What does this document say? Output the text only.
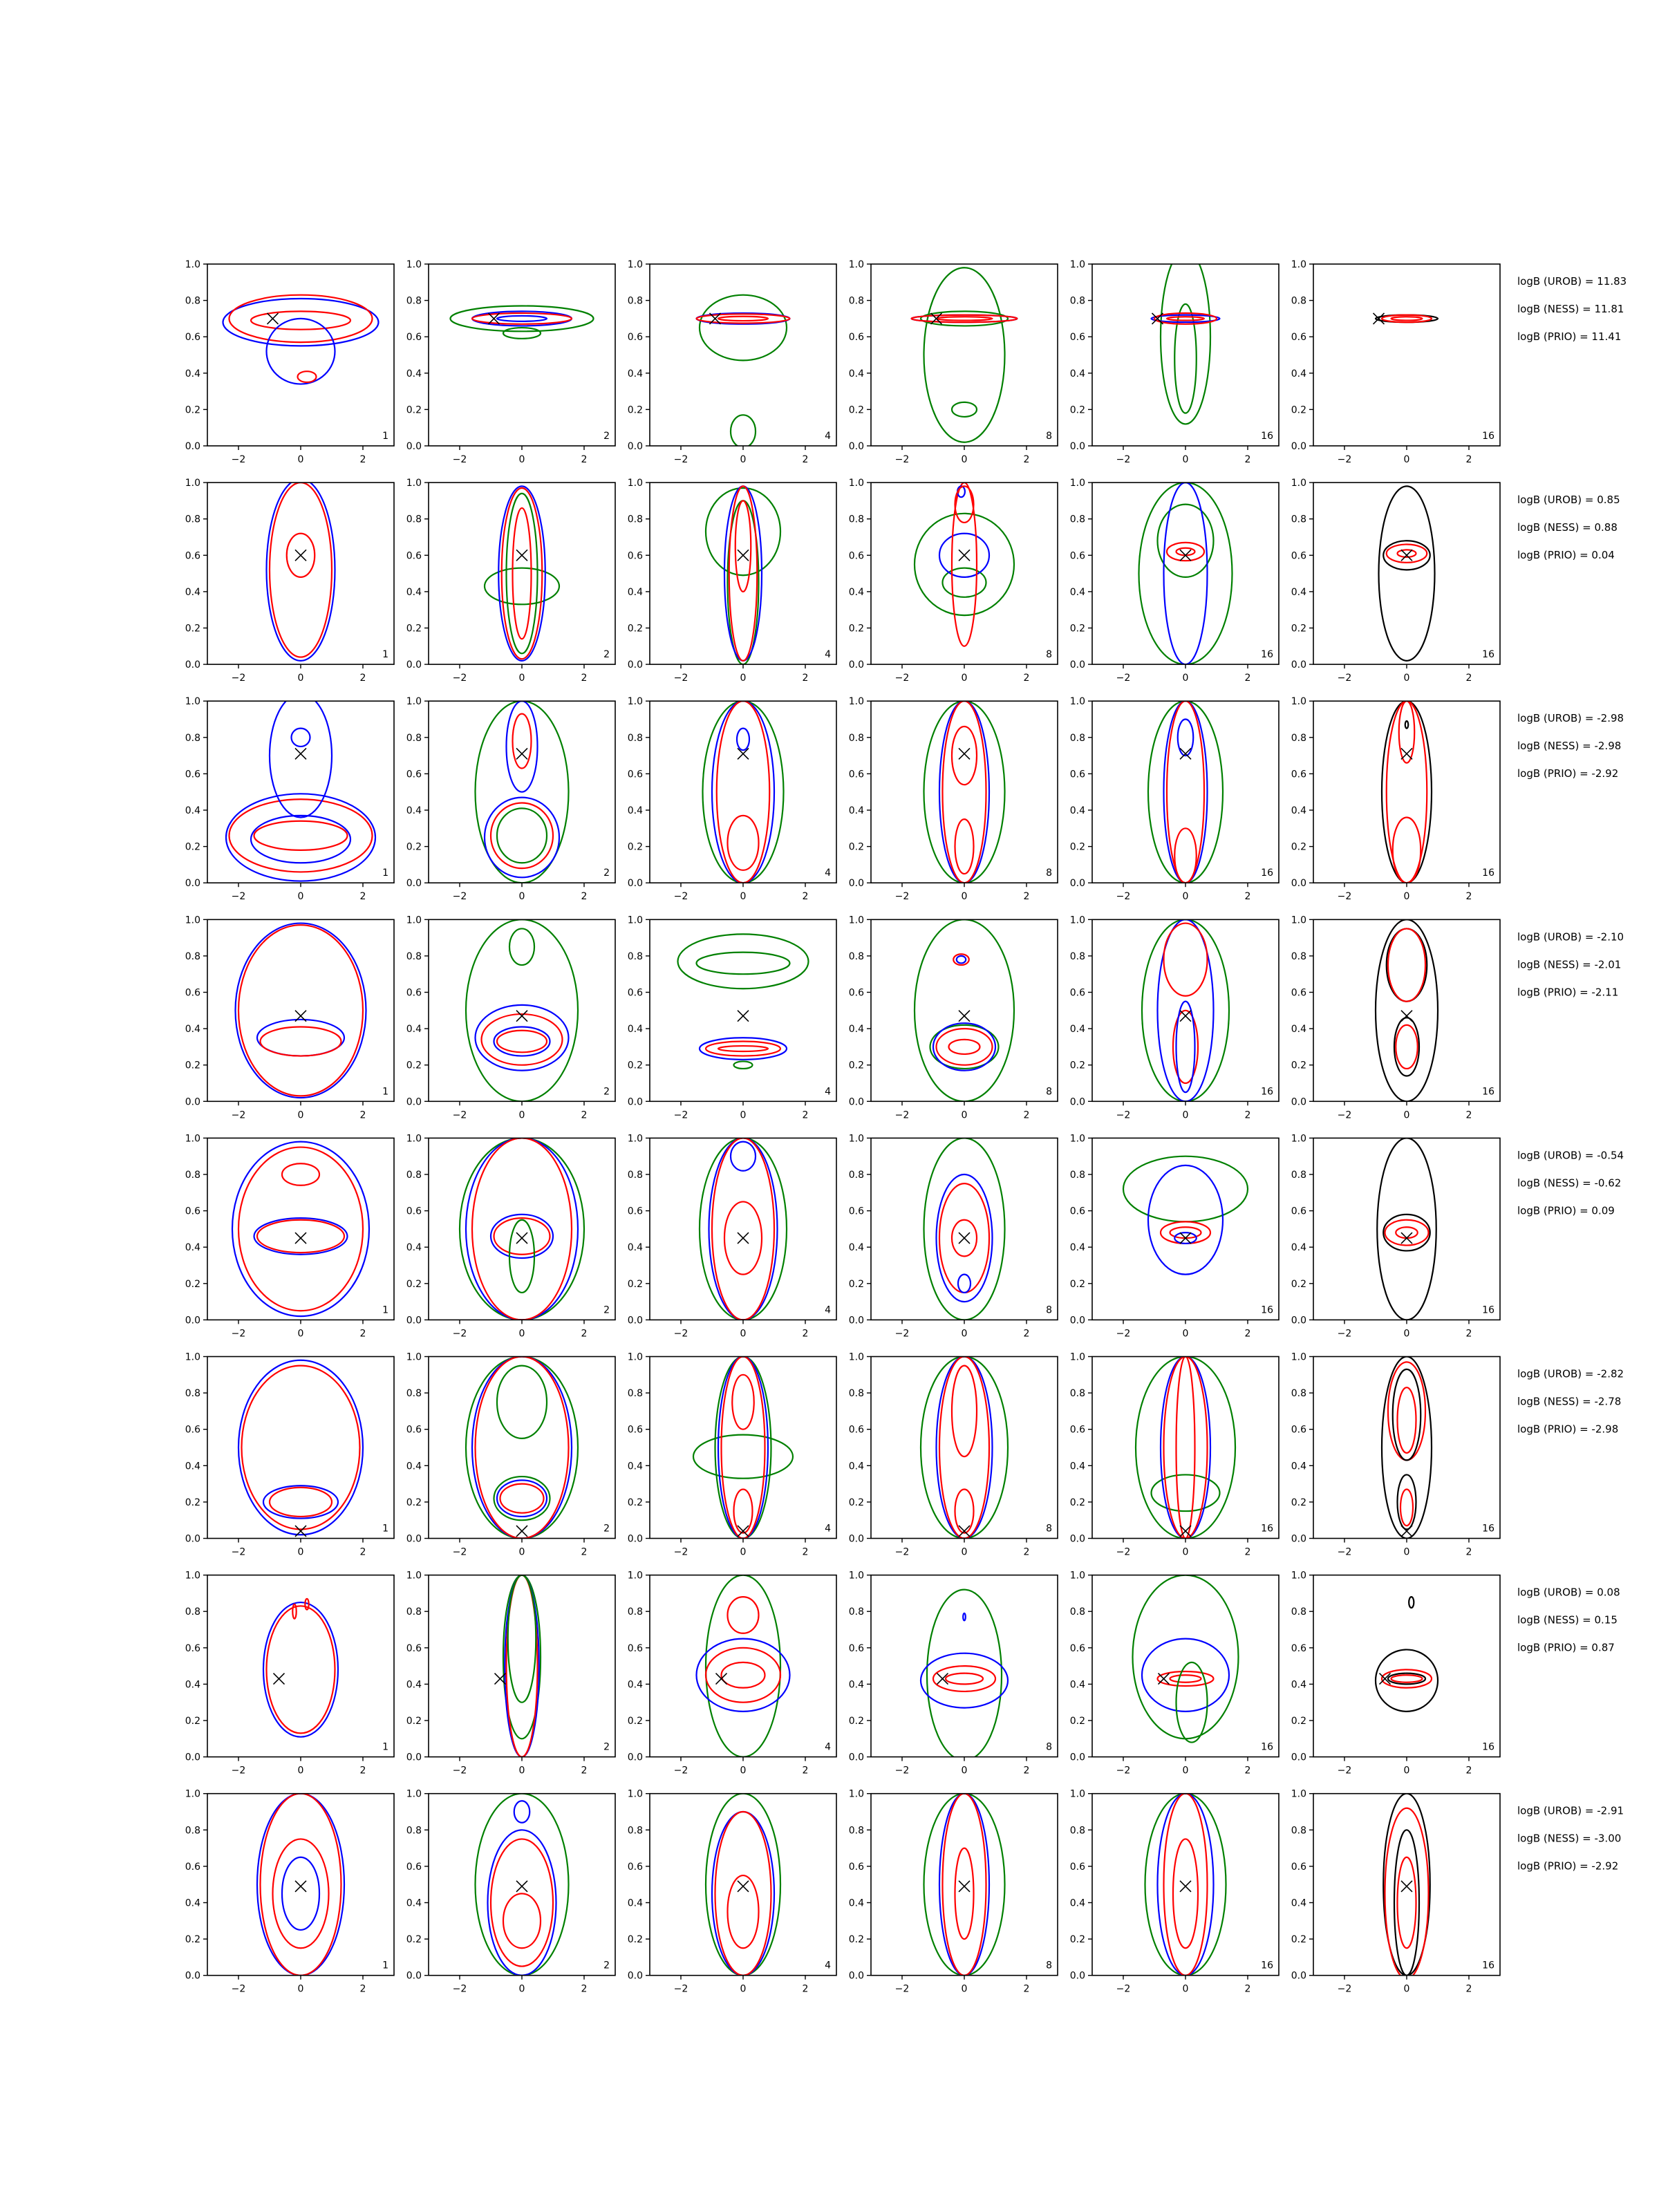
0.0
0.2
0.4
0.6
0.8
1.0
−2	0	2
1
0.0
0.2
0.4
0.6
0.8
1.0
−2	0	2
2
0.0
0.2
0.4
0.6
0.8
1.0
−2	0	2
4
0.0
0.2
0.4
0.6
0.8
1.0
−2	0	2
8
0.0
0.2
0.4
0.6
0.8
1.0
−2	0	2
16
0.0
0.2
0.4
0.6
0.8
1.0
−2	0	2
16
logB (UROB) = 11.83
logB (NESS) = 11.81
logB (PRIO) = 11.41
0.0
0.2
0.4
0.6
0.8
1.0
−2	0	2
1
0.0
0.2
0.4
0.6
0.8
1.0
−2	0	2
2
0.0
0.2
0.4
0.6
0.8
1.0
−2	0	2
4
0.0
0.2
0.4
0.6
0.8
1.0
−2	0	2
8
0.0
0.2
0.4
0.6
0.8
1.0
−2	0	2
16
0.0
0.2
0.4
0.6
0.8
1.0
−2	0	2
16
logB (UROB) = 0.85
logB (NESS) = 0.88
logB (PRIO) = 0.04
0.0
0.2
0.4
0.6
0.8
1.0
−2	0	2
1
0.0
0.2
0.4
0.6
0.8
1.0
−2	0	2
2
0.0
0.2
0.4
0.6
0.8
1.0
−2	0	2
4
0.0
0.2
0.4
0.6
0.8
1.0
−2	0	2
8
0.0
0.2
0.4
0.6
0.8
1.0
−2	0	2
16
0.0
0.2
0.4
0.6
0.8
1.0
−2	0	2
16
logB (UROB) = -2.98
logB (NESS) = -2.98
logB (PRIO) = -2.92
0.0
0.2
0.4
0.6
0.8
1.0
−2	0	2
1
0.0
0.2
0.4
0.6
0.8
1.0
−2	0	2
2
0.0
0.2
0.4
0.6
0.8
1.0
−2	0	2
4
0.0
0.2
0.4
0.6
0.8
1.0
−2	0	2
8
0.0
0.2
0.4
0.6
0.8
1.0
−2	0	2
16
0.0
0.2
0.4
0.6
0.8
1.0
−2	0	2
16
logB (UROB) = -2.10
logB (NESS) = -2.01
logB (PRIO) = -2.11
0.0
0.2
0.4
0.6
0.8
1.0
−2	0	2
1
0.0
0.2
0.4
0.6
0.8
1.0
−2	0	2
2
0.0
0.2
0.4
0.6
0.8
1.0
−2	0	2
4
0.0
0.2
0.4
0.6
0.8
1.0
−2	0	2
8
0.0
0.2
0.4
0.6
0.8
1.0
−2	0	2
16
0.0
0.2
0.4
0.6
0.8
1.0
−2	0	2
16
logB (UROB) = -0.54
logB (NESS) = -0.62
logB (PRIO) = 0.09
0.0
0.2
0.4
0.6
0.8
1.0
−2	0	2
1
0.0
0.2
0.4
0.6
0.8
1.0
−2	0	2
2
0.0
0.2
0.4
0.6
0.8
1.0
−2	0	2
4
0.0
0.2
0.4
0.6
0.8
1.0
−2	0	2
8
0.0
0.2
0.4
0.6
0.8
1.0
−2	0	2
16
0.0
0.2
0.4
0.6
0.8
1.0
−2	0	2
16
logB (UROB) = -2.82
logB (NESS) = -2.78
logB (PRIO) = -2.98
0.0
0.2
0.4
0.6
0.8
1.0
−2	0	2
1
0.0
0.2
0.4
0.6
0.8
1.0
−2	0	2
2
0.0
0.2
0.4
0.6
0.8
1.0
−2	0	2
4
0.0
0.2
0.4
0.6
0.8
1.0
−2	0	2
8
0.0
0.2
0.4
0.6
0.8
1.0
−2	0	2
16
0.0
0.2
0.4
0.6
0.8
1.0
−2	0	2
16
logB (UROB) = 0.08
logB (NESS) = 0.15
logB (PRIO) = 0.87
0.0
0.2
0.4
0.6
0.8
1.0
−2	0	2
1
0.0
0.2
0.4
0.6
0.8
1.0
−2	0	2
2
0.0
0.2
0.4
0.6
0.8
1.0
−2	0	2
4
0.0
0.2
0.4
0.6
0.8
1.0
−2	0	2
8
0.0
0.2
0.4
0.6
0.8
1.0
−2	0	2
16
0.0
0.2
0.4
0.6
0.8
1.0
−2	0	2
16
logB (UROB) = -2.91
logB (NESS) = -3.00
logB (PRIO) = -2.92
